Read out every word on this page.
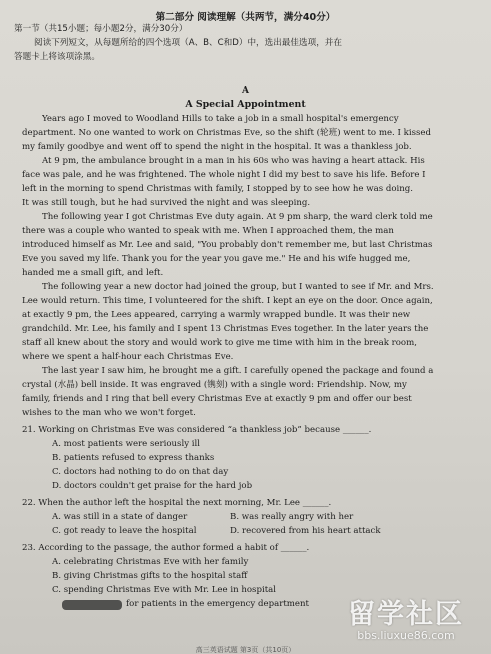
第二部分 阅读理解（共两节，满分40分）
第一节（共15小题；每小题2分，满分30分）
阅读下列短文，从每题所给的四个选项（A、B、C和D）中，选出最佳选项，并在
答题卡上将该项涂黑。
A
A Special Appointment
Years ago I moved to Woodland Hills to take a job in a small hospital's emergency
department. No one wanted to work on Christmas Eve, so the shift (轮班) went to me. I kissed
my family goodbye and went off to spend the night in the hospital. It was a thankless job.
At 9 pm, the ambulance brought in a man in his 60s who was having a heart attack. His
face was pale, and he was frightened. The whole night I did my best to save his life. Before I
left in the morning to spend Christmas with family, I stopped by to see how he was doing.
It was still tough, but he had survived the night and was sleeping.
The following year I got Christmas Eve duty again. At 9 pm sharp, the ward clerk told me
there was a couple who wanted to speak with me. When I approached them, the man
introduced himself as Mr. Lee and said, "You probably don't remember me, but last Christmas
Eve you saved my life. Thank you for the year you gave me." He and his wife hugged me,
handed me a small gift, and left.
The following year a new doctor had joined the group, but I wanted to see if Mr. and Mrs.
Lee would return. This time, I volunteered for the shift. I kept an eye on the door. Once again,
at exactly 9 pm, the Lees appeared, carrying a warmly wrapped bundle. It was their new
grandchild. Mr. Lee, his family and I spent 13 Christmas Eves together. In the later years the
staff all knew about the story and would work to give me time with him in the break room,
where we spent a half-hour each Christmas Eve.
The last year I saw him, he brought me a gift. I carefully opened the package and found a
crystal (水晶) bell inside. It was engraved (镌刻) with a single word: Friendship. Now, my
family, friends and I ring that bell every Christmas Eve at exactly 9 pm and offer our best
wishes to the man who we won't forget.
21. Working on Christmas Eve was considered “a thankless job” because ______.
A. most patients were seriously ill
B. patients refused to express thanks
C. doctors had nothing to do on that day
D. doctors couldn't get praise for the hard job
22. When the author left the hospital the next morning, Mr. Lee ______.
A. was still in a state of danger	B. was really angry with her
C. got ready to leave the hospital	D. recovered from his heart attack
23. According to the passage, the author formed a habit of ______.
A. celebrating Christmas Eve with her family
B. giving Christmas gifts to the hospital staff
C. spending Christmas Eve with Mr. Lee in hospital
for patients in the emergency department
高三英语试题 第3页（共10页）
留学社区
bbs.liuxue86.com
